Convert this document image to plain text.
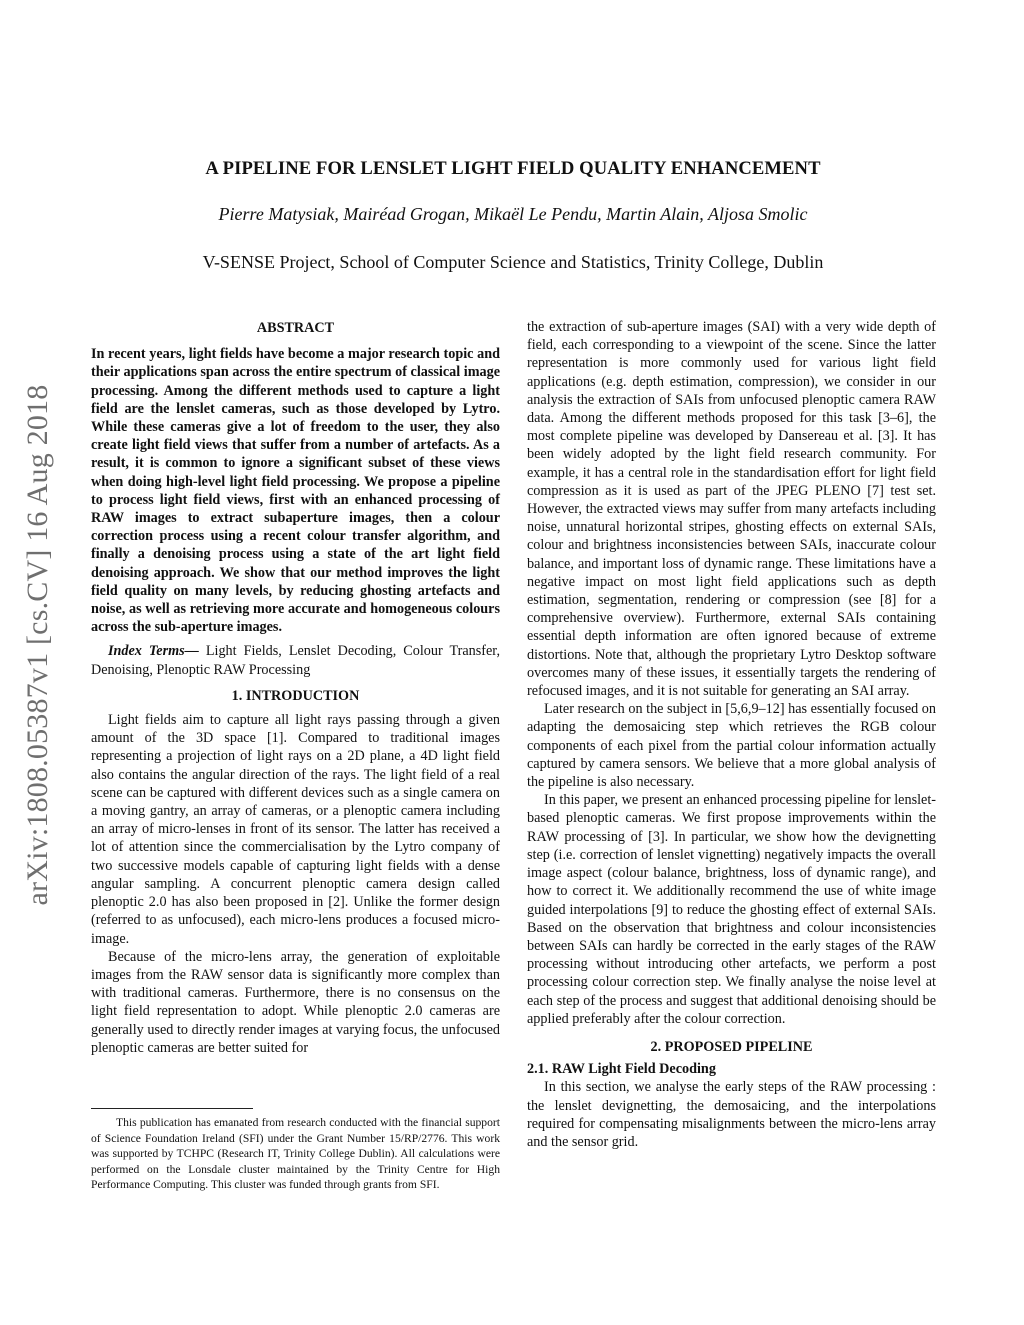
arXiv:1808.05387v1 [cs.CV] 16 Aug 2018
A PIPELINE FOR LENSLET LIGHT FIELD QUALITY ENHANCEMENT
Pierre Matysiak, Mairéad Grogan, Mikaël Le Pendu, Martin Alain, Aljosa Smolic
V-SENSE Project, School of Computer Science and Statistics, Trinity College, Dublin
ABSTRACT

In recent years, light fields have become a major research topic and their applications span across the entire spectrum of classical image processing. Among the different methods used to capture a light field are the lenslet cameras, such as those developed by Lytro. While these cameras give a lot of freedom to the user, they also create light field views that suffer from a number of artefacts. As a result, it is common to ignore a significant subset of these views when doing high-level light field processing. We propose a pipeline to process light field views, first with an enhanced processing of RAW images to extract subaperture images, then a colour correction process using a recent colour transfer algorithm, and finally a denoising process using a state of the art light field denoising approach. We show that our method improves the light field quality on many levels, by reducing ghosting artefacts and noise, as well as retrieving more accurate and homogeneous colours across the sub-aperture images.

Index Terms— Light Fields, Lenslet Decoding, Colour Transfer, Denoising, Plenoptic RAW Processing

1. INTRODUCTION

Light fields aim to capture all light rays passing through a given amount of the 3D space [1]. Compared to traditional images representing a projection of light rays on a 2D plane, a 4D light field also contains the angular direction of the rays. The light field of a real scene can be captured with different devices such as a single camera on a moving gantry, an array of cameras, or a plenoptic camera including an array of micro-lenses in front of its sensor. The latter has received a lot of attention since the commercialisation by the Lytro company of two successive models capable of capturing light fields with a dense angular sampling. A concurrent plenoptic camera design called plenoptic 2.0 has also been proposed in [2]. Unlike the former design (referred to as unfocused), each micro-lens produces a focused micro-image.

Because of the micro-lens array, the generation of exploitable images from the RAW sensor data is significantly more complex than with traditional cameras. Furthermore, there is no consensus on the light field representation to adopt. While plenoptic 2.0 cameras are generally used to directly render images at varying focus, the unfocused plenoptic cameras are better suited for

This publication has emanated from research conducted with the financial support of Science Foundation Ireland (SFI) under the Grant Number 15/RP/2776. This work was supported by TCHPC (Research IT, Trinity College Dublin). All calculations were performed on the Lonsdale cluster maintained by the Trinity Centre for High Performance Computing. This cluster was funded through grants from SFI.

the extraction of sub-aperture images (SAI) with a very wide depth of field, each corresponding to a viewpoint of the scene. Since the latter representation is more commonly used for various light field applications (e.g. depth estimation, compression), we consider in our analysis the extraction of SAIs from unfocused plenoptic camera RAW data. Among the different methods proposed for this task [3–6], the most complete pipeline was developed by Dansereau et al. [3]. It has been widely adopted by the light field research community. For example, it has a central role in the standardisation effort for light field compression as it is used as part of the JPEG PLENO [7] test set. However, the extracted views may suffer from many artefacts including noise, unnatural horizontal stripes, ghosting effects on external SAIs, colour and brightness inconsistencies between SAIs, inaccurate colour balance, and important loss of dynamic range. These limitations have a negative impact on most light field applications such as depth estimation, segmentation, rendering or compression (see [8] for a comprehensive overview). Furthermore, external SAIs containing essential depth information are often ignored because of extreme distortions. Note that, although the proprietary Lytro Desktop software overcomes many of these issues, it essentially targets the rendering of refocused images, and it is not suitable for generating an SAI array.

Later research on the subject in [5,6,9–12] has essentially focused on adapting the demosaicing step which retrieves the RGB colour components of each pixel from the partial colour information actually captured by camera sensors. We believe that a more global analysis of the pipeline is also necessary.

In this paper, we present an enhanced processing pipeline for lenslet-based plenoptic cameras. We first propose improvements within the RAW processing of [3]. In particular, we show how the devignetting step (i.e. correction of lenslet vignetting) negatively impacts the overall image aspect (colour balance, brightness, loss of dynamic range), and how to correct it. We additionally recommend the use of white image guided interpolations [9] to reduce the ghosting effect of external SAIs. Based on the observation that brightness and colour inconsistencies between SAIs can hardly be corrected in the early stages of the RAW processing without introducing other artefacts, we perform a post processing colour correction step. We finally analyse the noise level at each step of the process and suggest that additional denoising should be applied preferably after the colour correction.

2. PROPOSED PIPELINE
2.1. RAW Light Field Decoding

In this section, we analyse the early steps of the RAW processing : the lenslet devignetting, the demosaicing, and the interpolations required for compensating misalignments between the micro-lens array and the sensor grid.
